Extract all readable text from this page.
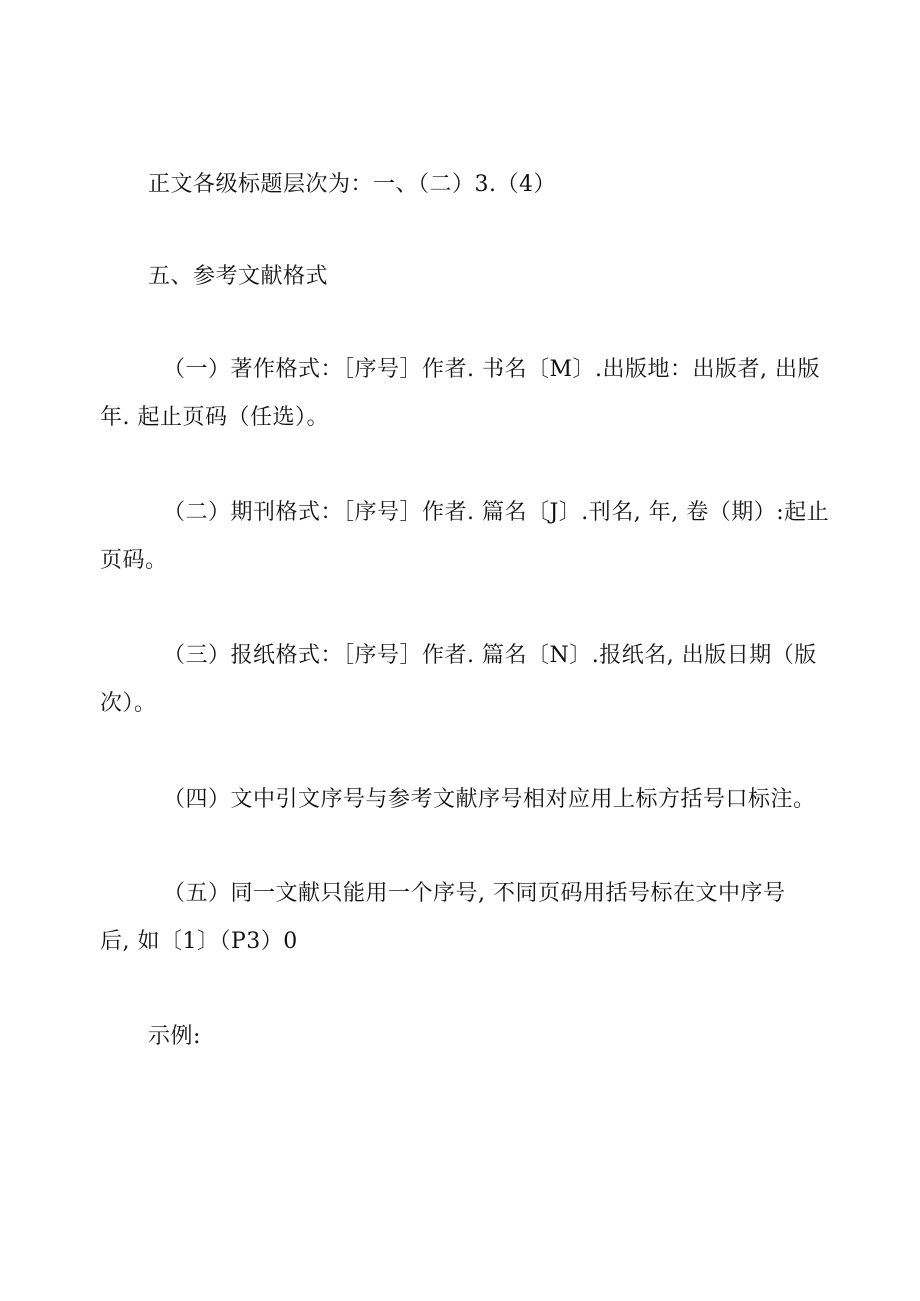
正文各级标题层次为：一、（二）3.（4）
五、参考文献格式
（一）著作格式：［序号］作者. 书名〔M〕.出版地：出版者, 出版
年. 起止页码（任选）。
（二）期刊格式：［序号］作者. 篇名〔J〕.刊名, 年, 卷（期）:起止
页码。
（三）报纸格式：［序号］作者. 篇名〔N〕.报纸名, 出版日期（版
次）。
（四）文中引文序号与参考文献序号相对应用上标方括号口标注。
（五）同一文献只能用一个序号, 不同页码用括号标在文中序号
后, 如〔1〕（P3）0
示例:
